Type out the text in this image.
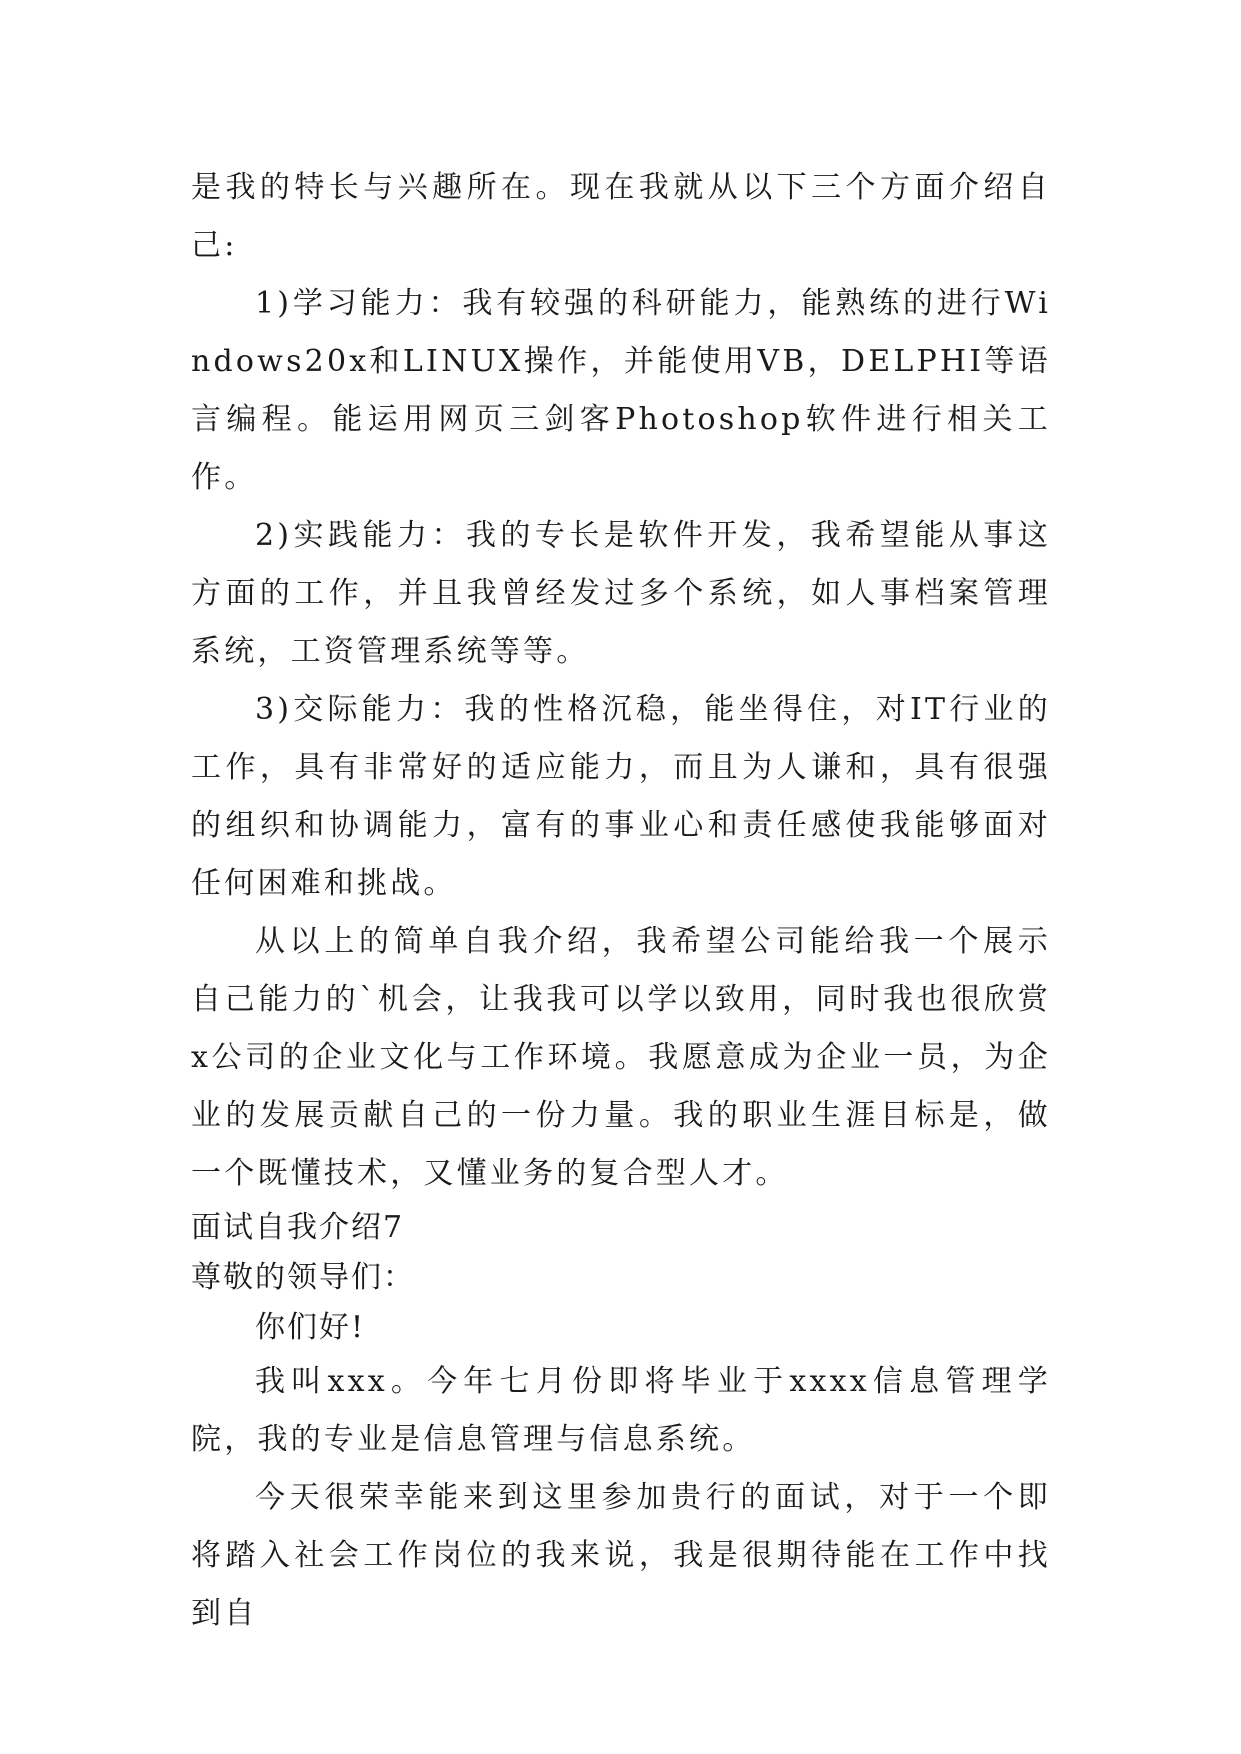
是我的特长与兴趣所在。现在我就从以下三个方面介绍自己:

1)学习能力：我有较强的科研能力，能熟练的进行Windows20x和LINUX操作，并能使用VB，DELPHI等语言编程。能运用网页三剑客Photoshop软件进行相关工作。

2)实践能力：我的专长是软件开发，我希望能从事这方面的工作，并且我曾经发过多个系统，如人事档案管理系统，工资管理系统等等。

3)交际能力：我的性格沉稳，能坐得住，对IT行业的工作，具有非常好的适应能力，而且为人谦和，具有很强的组织和协调能力，富有的事业心和责任感使我能够面对任何困难和挑战。

从以上的简单自我介绍，我希望公司能给我一个展示自己能力的`机会，让我我可以学以致用，同时我也很欣赏x公司的企业文化与工作环境。我愿意成为企业一员，为企业的发展贡献自己的一份力量。我的职业生涯目标是，做一个既懂技术，又懂业务的复合型人才。

面试自我介绍7

尊敬的领导们：

你们好!

我叫xxx。今年七月份即将毕业于xxxx信息管理学院，我的专业是信息管理与信息系统。

今天很荣幸能来到这里参加贵行的面试，对于一个即将踏入社会工作岗位的我来说，我是很期待能在工作中找到自
